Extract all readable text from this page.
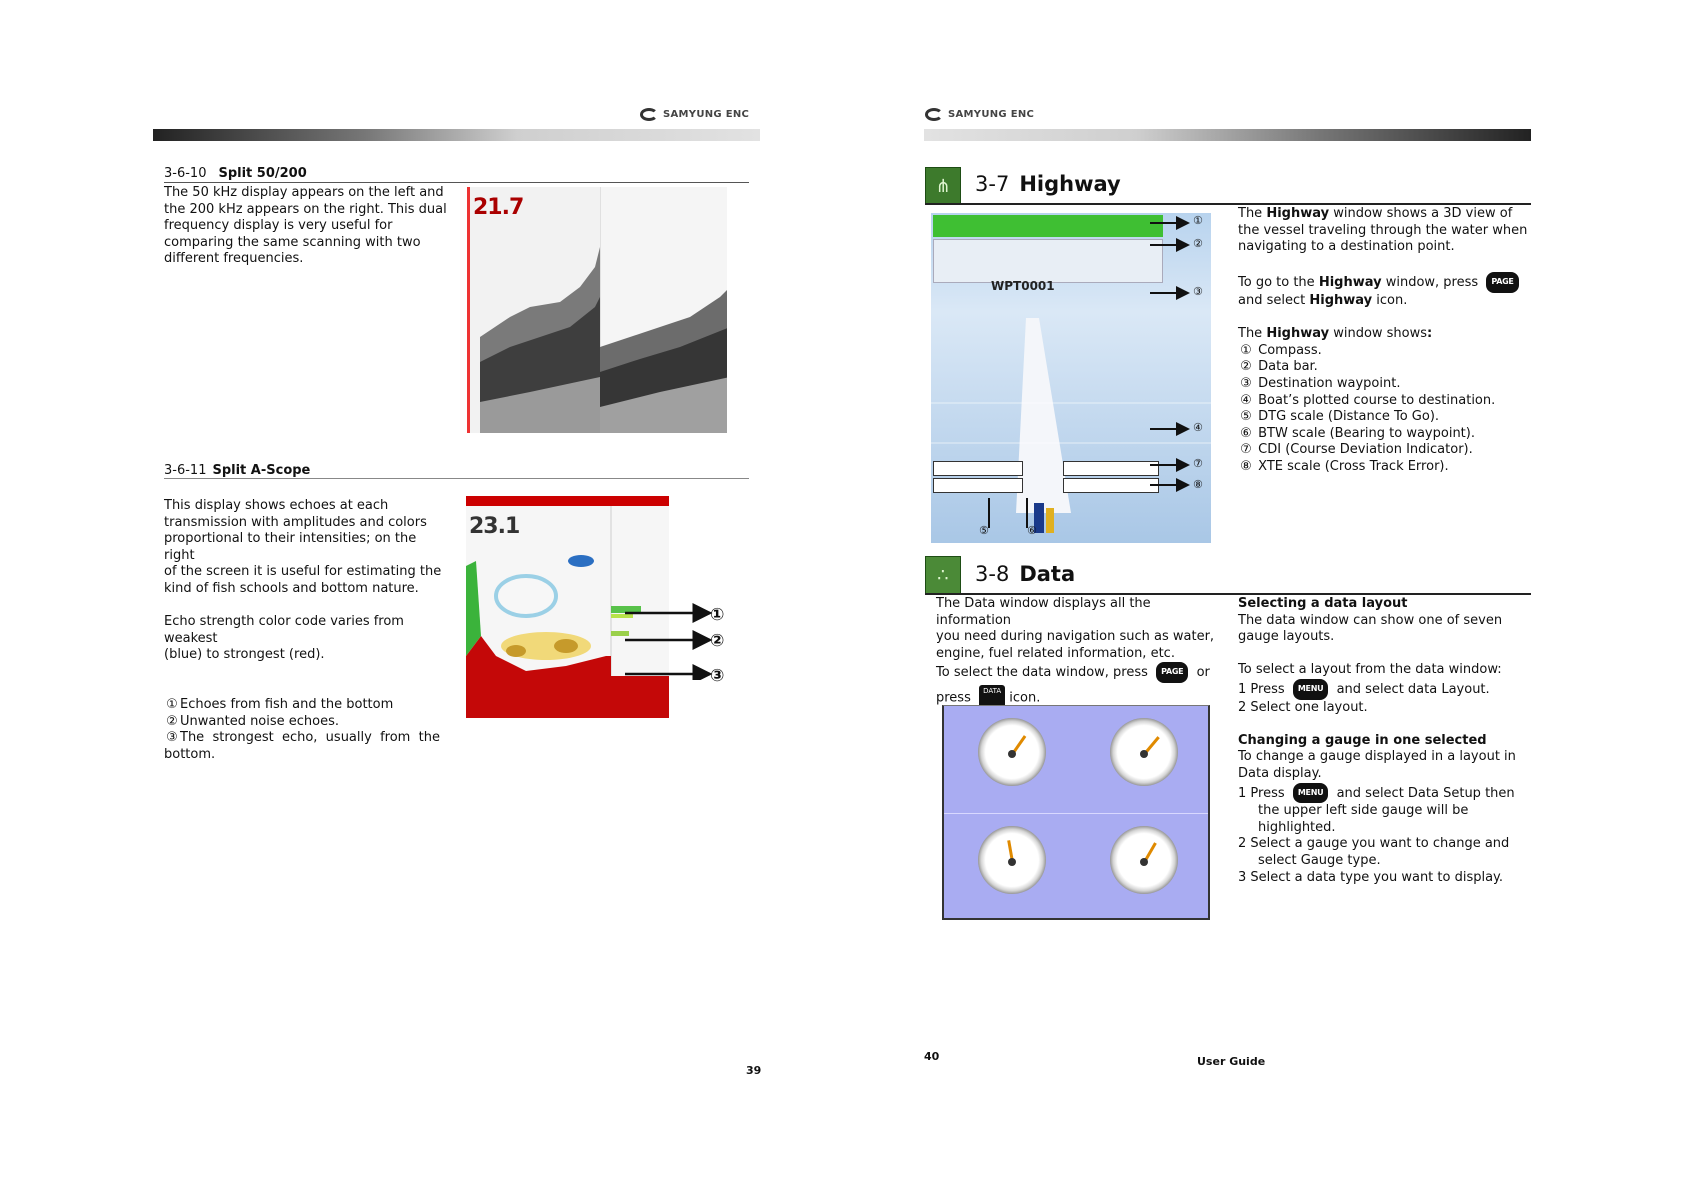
SAMYUNG ENC
3-6-10 Split 50/200
The 50 kHz display appears on the left and
the 200 kHz appears on the right. This dual
frequency display is very useful for
comparing the same scanning with two
different frequencies.
21.7
3-6-11 Split A-Scope
This display shows echoes at each
transmission with amplitudes and colors
proportional to their intensities; on the right
of the screen it is useful for estimating the
kind of fish schools and bottom nature.
Echo strength color code varies from weakest
(blue) to strongest (red).
① Echoes from fish and the bottom
② Unwanted noise echoes.
③ The  strongest  echo,  usually  from  the
bottom.
23.1
①
②
③
39
SAMYUNG ENC
⋔	3-7 Highway
WPT0001
①
②
③
④
⑦
⑧
⑤	⑥
The Highway window shows a 3D view of
the vessel traveling through the water when
navigating to a destination point.
To go to the Highway window, press PAGE
and select Highway icon.
The Highway window shows:
① Compass.
② Data bar.
③ Destination waypoint.
④ Boat’s plotted course to destination.
⑤ DTG scale (Distance To Go).
⑥ BTW scale (Bearing to waypoint).
⑦ CDI (Course Deviation Indicator).
⑧ XTE scale (Cross Track Error).
∴	3-8 Data
The Data window displays all the information
you need during navigation such as water,
engine, fuel related information, etc.
To select the data window, press PAGE or
press DATA icon.
Selecting a data layout
The data window can show one of seven
gauge layouts.
To select a layout from the data window:
1 Press MENU and select data Layout.
2 Select one layout.
Changing a gauge in one selected
To change a gauge displayed in a layout in
Data display.
1 Press MENU and select Data Setup then
the upper left side gauge will be
highlighted.
2 Select a gauge you want to change and
select Gauge type.
3 Select a data type you want to display.
40	User Guide
